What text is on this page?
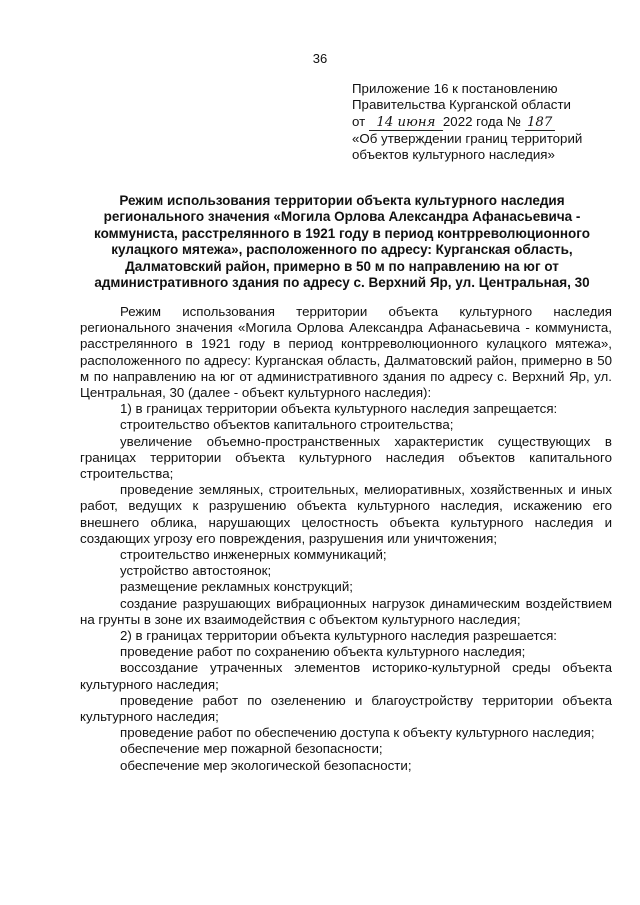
36
Приложение 16 к постановлению
Правительства Курганской области
от 14 июня 2022 года № 187
«Об утверждении границ территорий
объектов культурного наследия»
Режим использования территории объекта культурного наследия регионального значения «Могила Орлова Александра Афанасьевича - коммуниста, расстрелянного в 1921 году в период контрреволюционного кулацкого мятежа», расположенного по адресу: Курганская область, Далматовский район, примерно в 50 м по направлению на юг от административного здания по адресу с. Верхний Яр, ул. Центральная, 30

Режим использования территории объекта культурного наследия регионального значения «Могила Орлова Александра Афанасьевича - коммуниста, расстрелянного в 1921 году в период контрреволюционного кулацкого мятежа», расположенного по адресу: Курганская область, Далматовский район, примерно в 50 м по направлению на юг от административного здания по адресу с. Верхний Яр, ул. Центральная, 30 (далее - объект культурного наследия):

1) в границах территории объекта культурного наследия запрещается:

строительство объектов капитального строительства;

увеличение объемно-пространственных характеристик существующих в границах территории объекта культурного наследия объектов капитального строительства;

проведение земляных, строительных, мелиоративных, хозяйственных и иных работ, ведущих к разрушению объекта культурного наследия, искажению его внешнего облика, нарушающих целостность объекта культурного наследия и создающих угрозу его повреждения, разрушения или уничтожения;

строительство инженерных коммуникаций;

устройство автостоянок;

размещение рекламных конструкций;

создание разрушающих вибрационных нагрузок динамическим воздействием на грунты в зоне их взаимодействия с объектом культурного наследия;

2) в границах территории объекта культурного наследия разрешается:

проведение работ по сохранению объекта культурного наследия;

воссоздание утраченных элементов историко-культурной среды объекта культурного наследия;

проведение работ по озеленению и благоустройству территории объекта культурного наследия;

проведение работ по обеспечению доступа к объекту культурного наследия;

обеспечение мер пожарной безопасности;

обеспечение мер экологической безопасности;
